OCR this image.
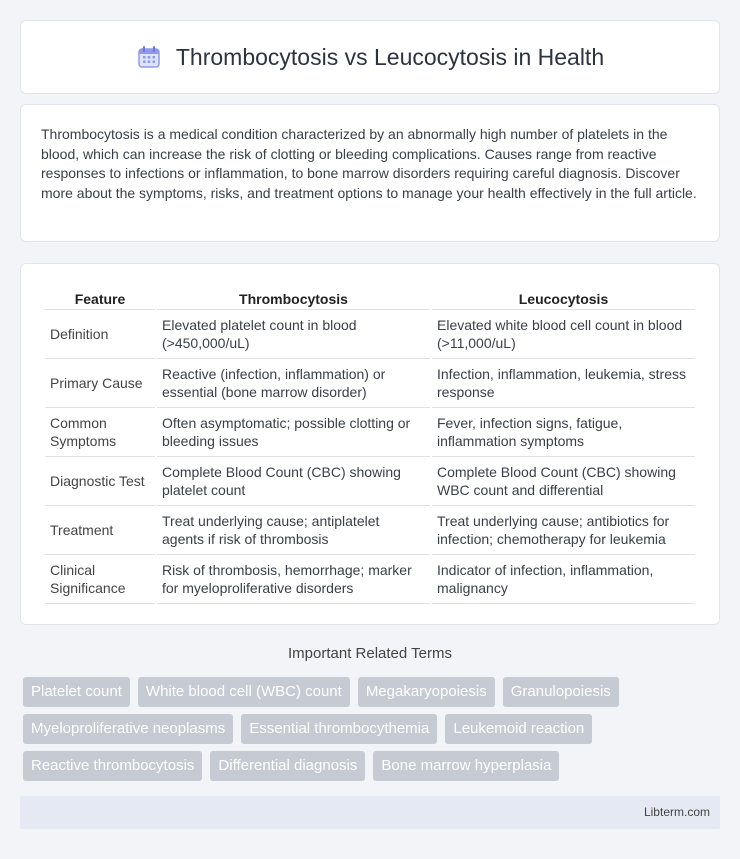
Thrombocytosis vs Leucocytosis in Health

Thrombocytosis is a medical condition characterized by an abnormally high number of platelets in the blood, which can increase the risk of clotting or bleeding complications. Causes range from reactive responses to infections or inflammation, to bone marrow disorders requiring careful diagnosis. Discover more about the symptoms, risks, and treatment options to manage your health effectively in the full article.

Feature	Thrombocytosis	Leucocytosis
Definition	Elevated platelet count in blood (>450,000/uL)	Elevated white blood cell count in blood (>11,000/uL)
Primary Cause	Reactive (infection, inflammation) or essential (bone marrow disorder)	Infection, inflammation, leukemia, stress response
Common Symptoms	Often asymptomatic; possible clotting or bleeding issues	Fever, infection signs, fatigue, inflammation symptoms
Diagnostic Test	Complete Blood Count (CBC) showing platelet count	Complete Blood Count (CBC) showing WBC count and differential
Treatment	Treat underlying cause; antiplatelet agents if risk of thrombosis	Treat underlying cause; antibiotics for infection; chemotherapy for leukemia
Clinical Significance	Risk of thrombosis, hemorrhage; marker for myeloproliferative disorders	Indicator of infection, inflammation, malignancy
Important Related Terms
Platelet count	White blood cell (WBC) count	Megakaryopoiesis	Granulopoiesis
Myeloproliferative neoplasms	Essential thrombocythemia	Leukemoid reaction
Reactive thrombocytosis	Differential diagnosis	Bone marrow hyperplasia
Libterm.com
